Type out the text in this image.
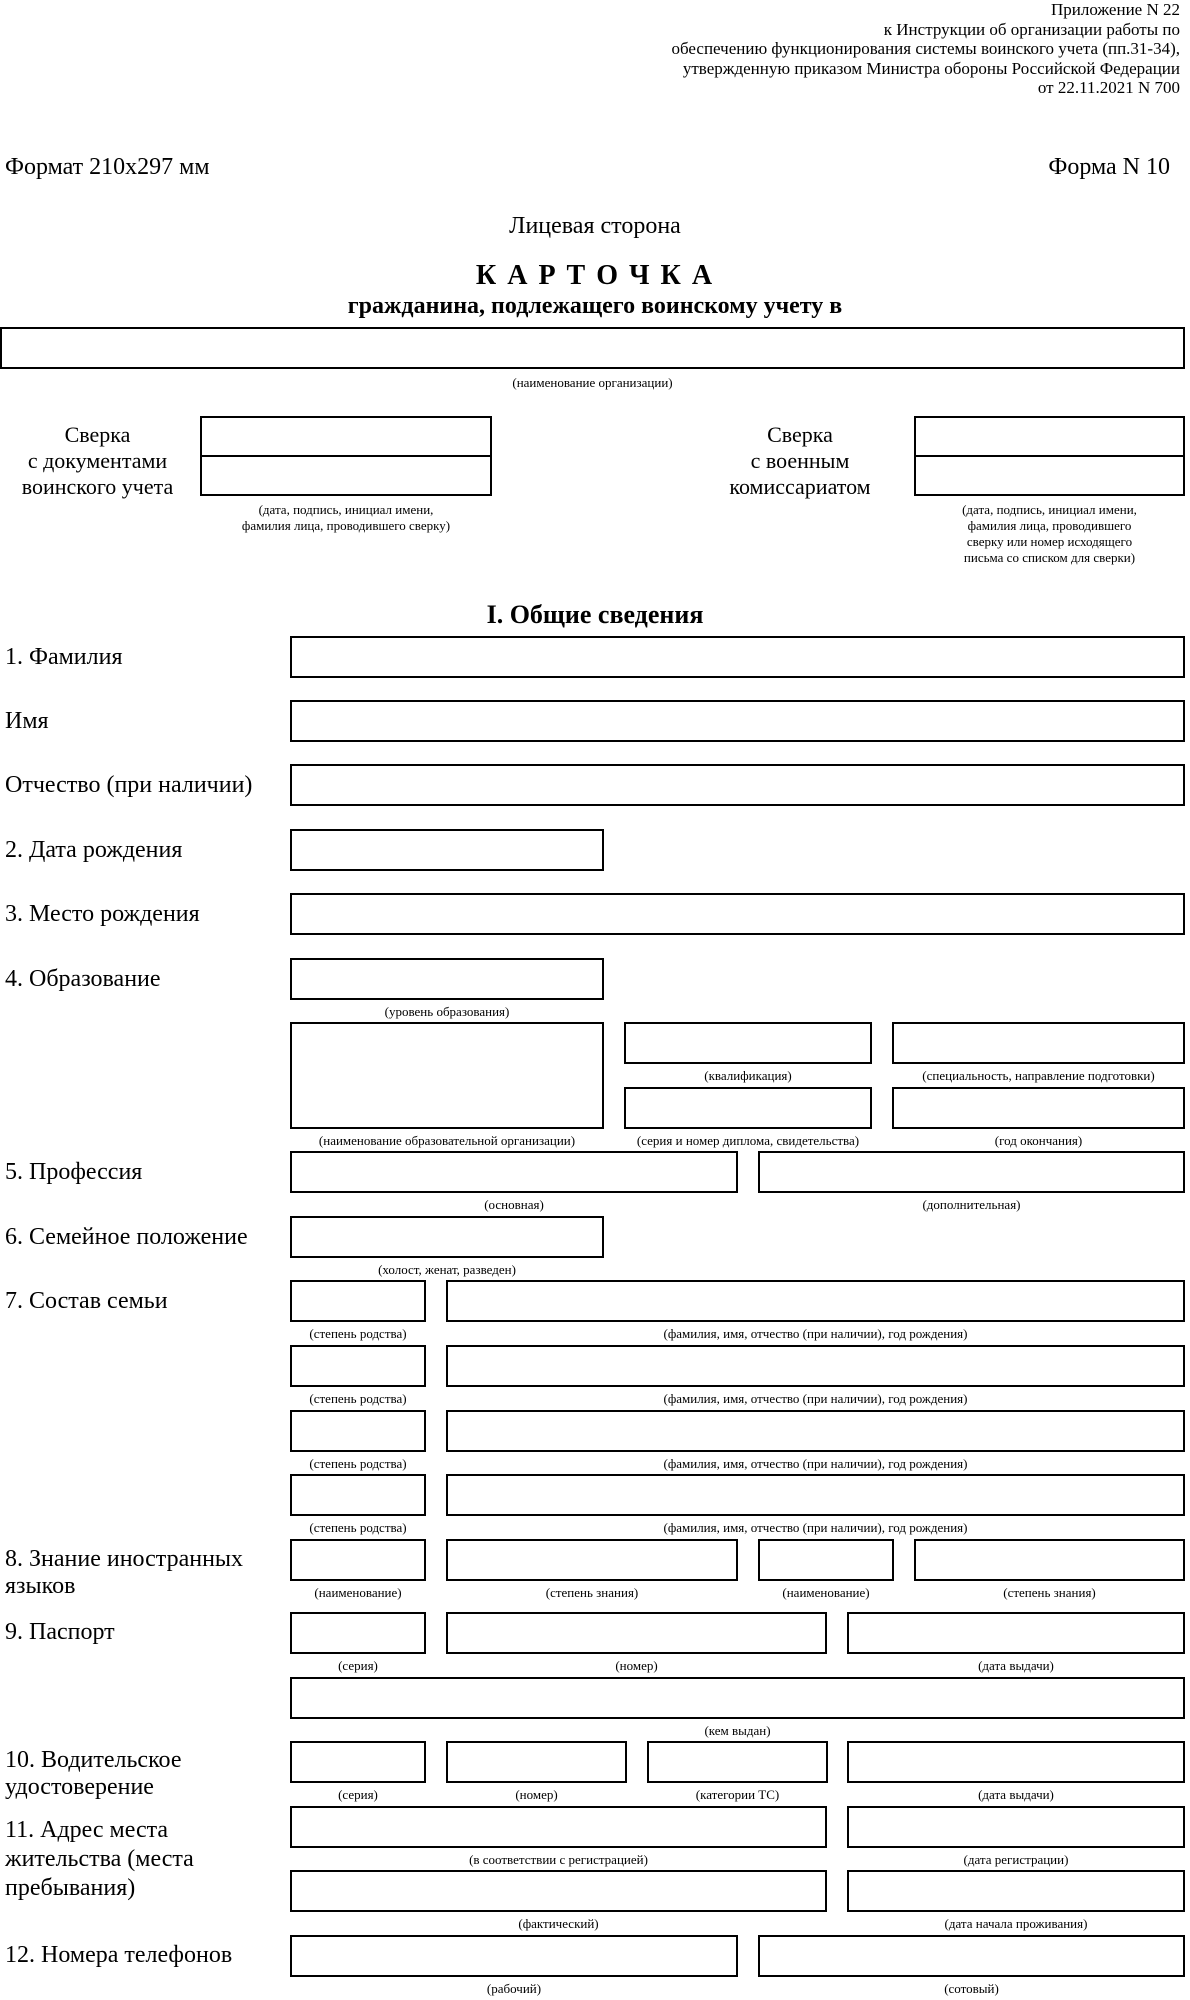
Приложение N 22
к Инструкции об организации работы по
обеспечению функционирования системы воинского учета (пп.31-34),
утвержденную приказом Министра обороны Российской Федерации
от 22.11.2021 N 700
Формат 210x297 мм	Форма N 10
Лицевая сторона
К А Р Т О Ч К А
гражданина, подлежащего воинскому учету в
(наименование организации)
Сверка
с документами
воинского учета
(дата, подпись, инициал имени,
фамилия лица, проводившего сверку)
Сверка
с военным
комиссариатом
(дата, подпись, инициал имени,
фамилия лица, проводившего
сверку или номер исходящего
письма со списком для сверки)
I. Общие сведения
1. Фамилия
Имя
Отчество (при наличии)
2. Дата рождения
3. Место рождения
4. Образование
(уровень образования)
(квалификация)	(специальность, направление подготовки)
(наименование образовательной организации)	(серия и номер диплома, свидетельства)	(год окончания)
5. Профессия
(основная)	(дополнительная)
6. Семейное положение
(холост, женат, разведен)
7. Состав семьи
(степень родства)	(фамилия, имя, отчество (при наличии), год рождения)
(степень родства)	(фамилия, имя, отчество (при наличии), год рождения)
(степень родства)	(фамилия, имя, отчество (при наличии), год рождения)
(степень родства)	(фамилия, имя, отчество (при наличии), год рождения)
8. Знание иностранных
языков	(наименование)	(степень знания)	(наименование)	(степень знания)
9. Паспорт
(серия)	(номер)	(дата выдачи)
(кем выдан)
10. Водительское
удостоверение	(серия)	(номер)	(категории ТС)	(дата выдачи)
11. Адрес места
жительства (места
пребывания)
(в соответствии с регистрацией)	(дата регистрации)
(фактический)	(дата начала проживания)
12. Номера телефонов
(рабочий)	(сотовый)
